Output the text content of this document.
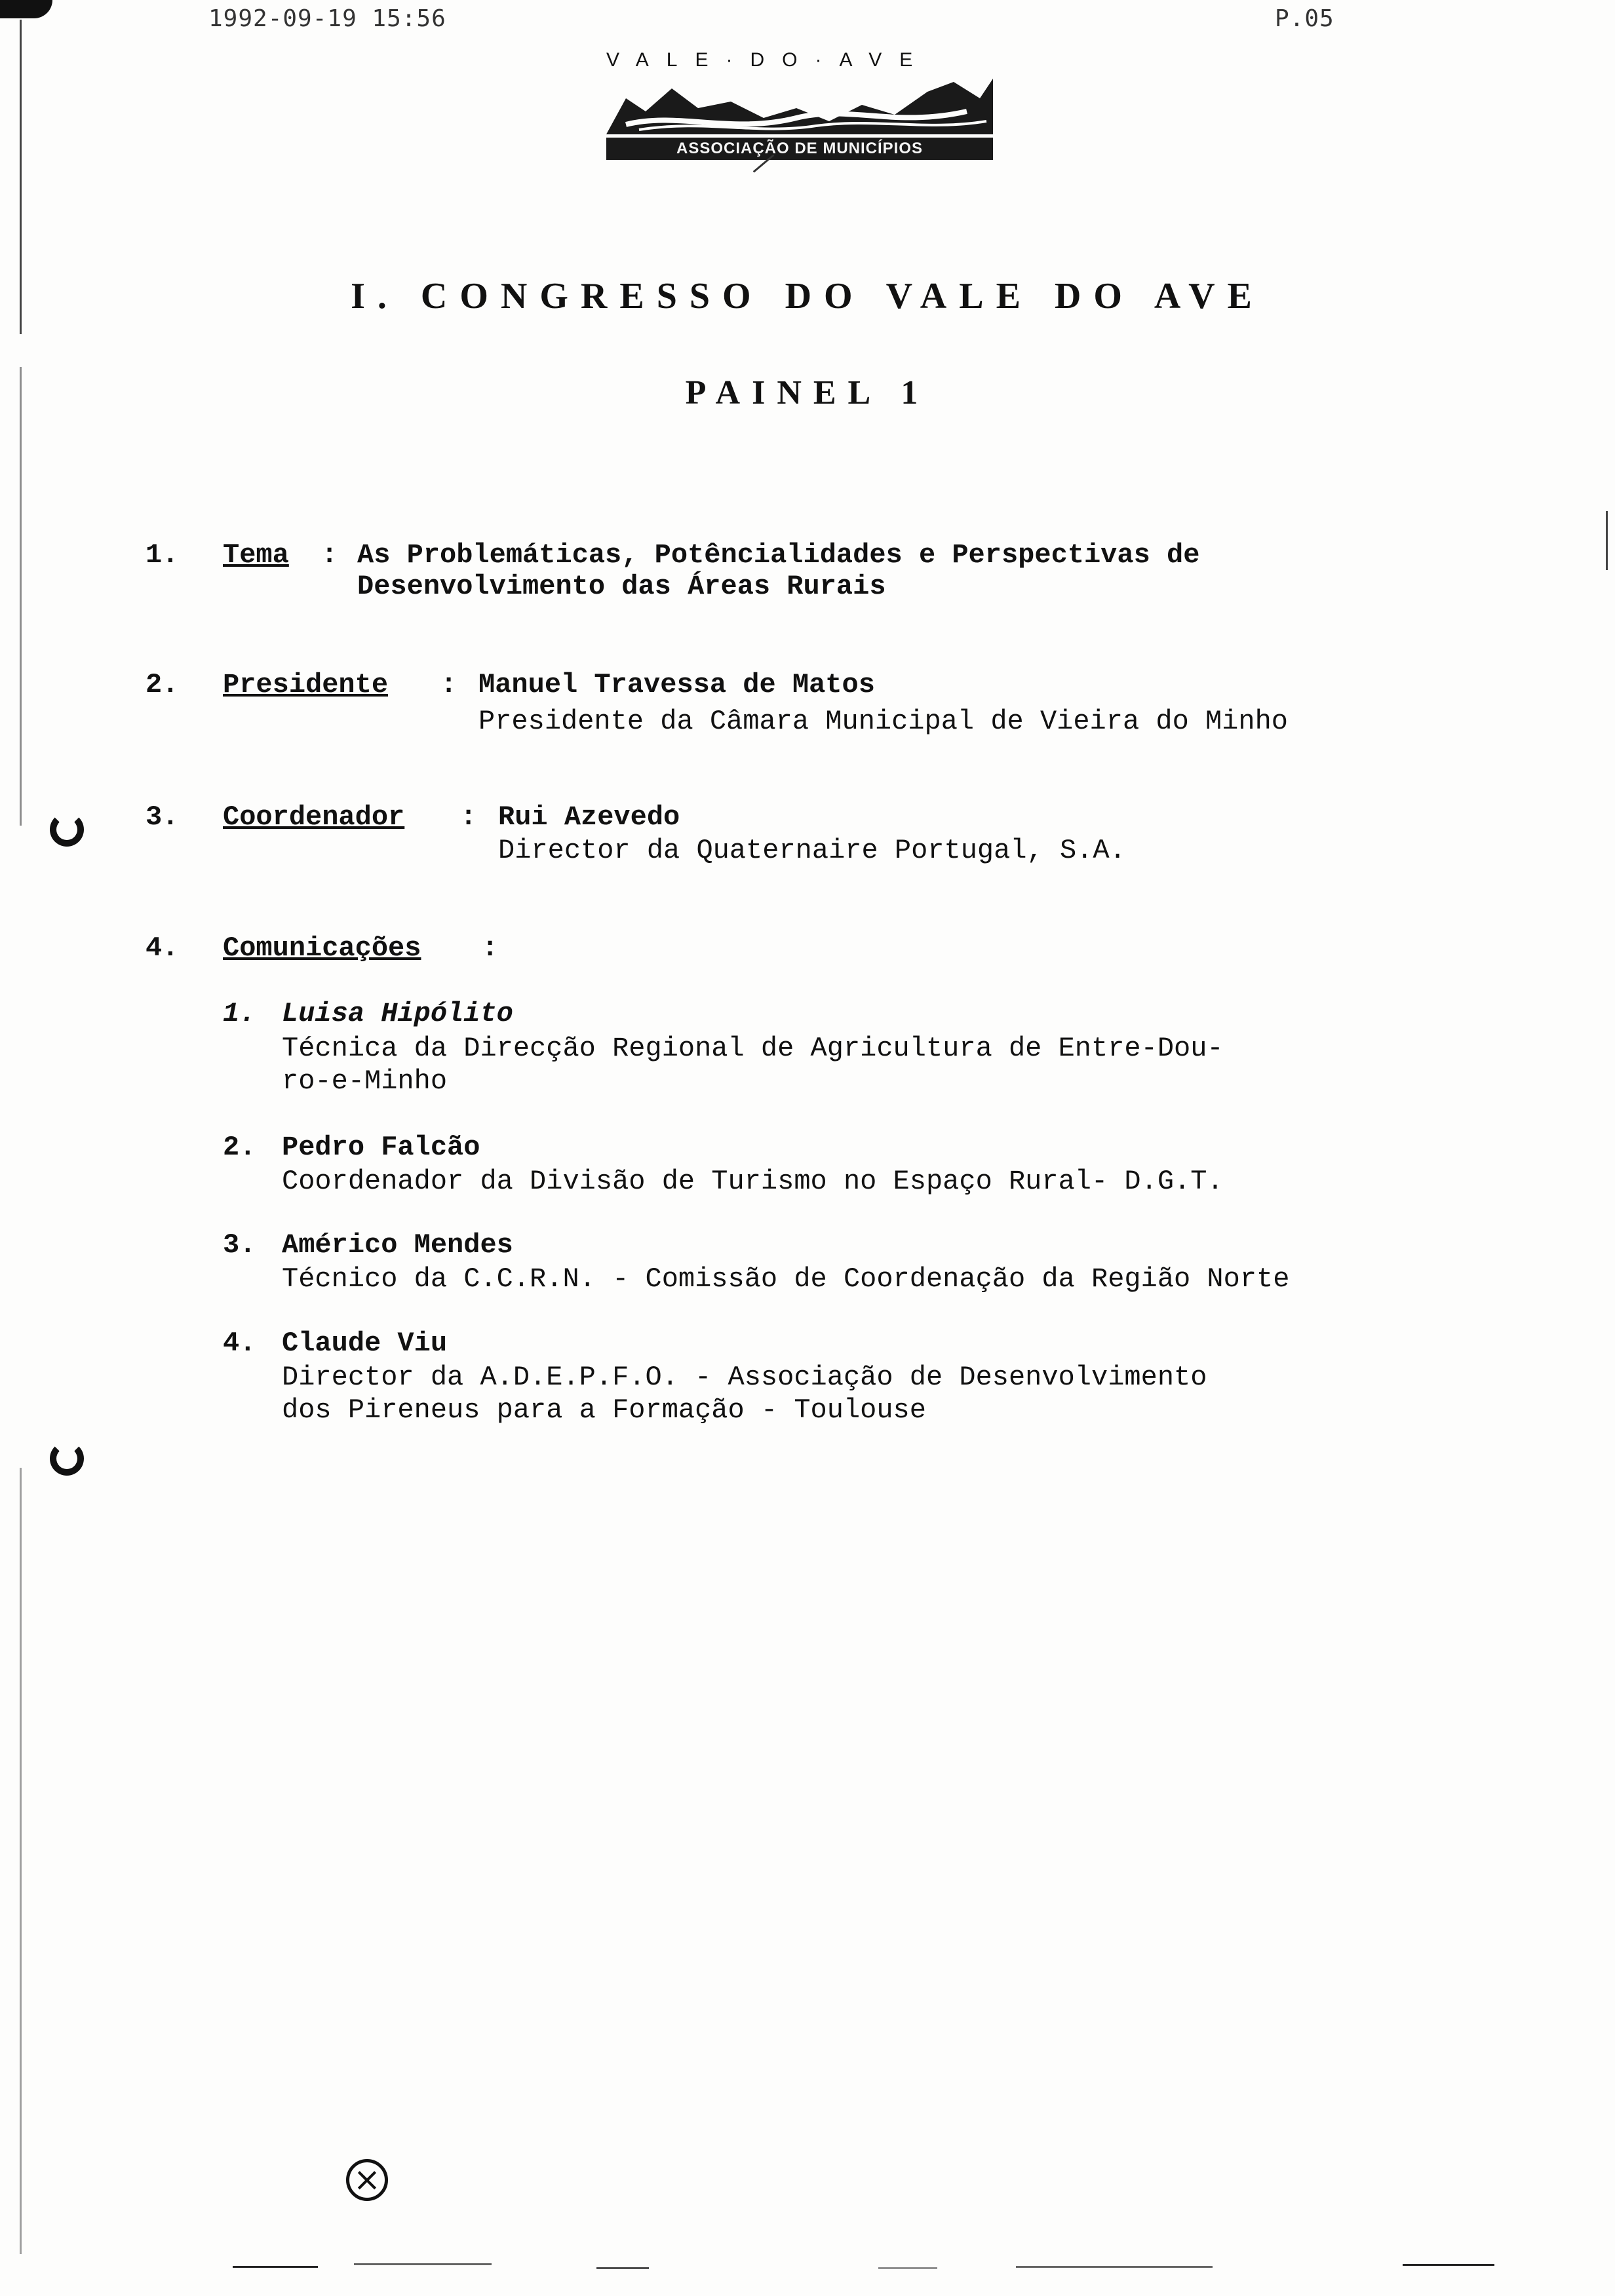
1992-09-19 15:56	P.05
VALE·DO·AVE
ASSOCIAÇÃO DE MUNICÍPIOS
I. CONGRESSO DO VALE DO AVE
PAINEL 1
1. Tema : As Problemáticas, Potêncialidades e Perspectivas de
Desenvolvimento das Áreas Rurais
2. Presidente : Manuel Travessa de Matos
Presidente da Câmara Municipal de Vieira do Minho
3. Coordenador : Rui Azevedo
Director da Quaternaire Portugal, S.A.
4. Comunicações :
1. Luisa Hipólito
Técnica da Direcção Regional de Agricultura de Entre-Dou-
ro-e-Minho
2. Pedro Falcão
Coordenador da Divisão de Turismo no Espaço Rural- D.G.T.
3. Américo Mendes
Técnico da C.C.R.N. - Comissão de Coordenação da Região Norte
4. Claude Viu
Director da A.D.E.P.F.O. - Associação de Desenvolvimento
dos Pireneus para a Formação - Toulouse
×
